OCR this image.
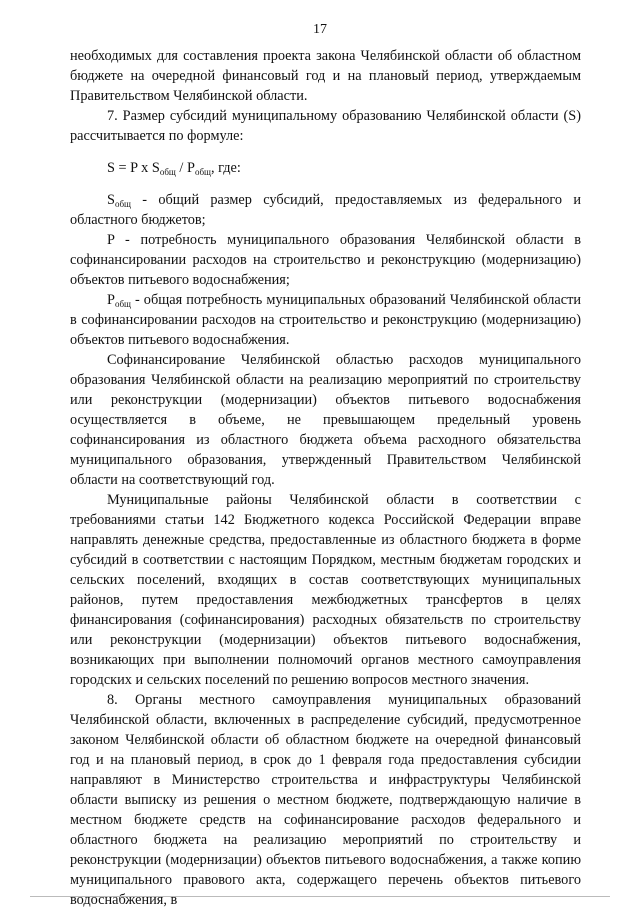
17

необходимых для составления проекта закона Челябинской области об областном бюджете на очередной финансовый год и на плановый период, утверждаемым Правительством Челябинской области.

7. Размер субсидий муниципальному образованию Челябинской области (S) рассчитывается по формуле:

S = P x $S_{общ} / P_{общ}$, где:

$S_{общ}$ - общий размер субсидий, предоставляемых из федерального и областного бюджетов;

P - потребность муниципального образования Челябинской области в софинансировании расходов на строительство и реконструкцию (модернизацию) объектов питьевого водоснабжения;

$P_{общ}$ - общая потребность муниципальных образований Челябинской области в софинансировании расходов на строительство и реконструкцию (модернизацию) объектов питьевого водоснабжения.

Софинансирование Челябинской областью расходов муниципального образования Челябинской области на реализацию мероприятий по строительству или реконструкции (модернизации) объектов питьевого водоснабжения осуществляется в объеме, не превышающем предельный уровень софинансирования из областного бюджета объема расходного обязательства муниципального образования, утвержденный Правительством Челябинской области на соответствующий год.

Муниципальные районы Челябинской области в соответствии с требованиями статьи 142 Бюджетного кодекса Российской Федерации вправе направлять денежные средства, предоставленные из областного бюджета в форме субсидий в соответствии с настоящим Порядком, местным бюджетам городских и сельских поселений, входящих в состав соответствующих муниципальных районов, путем предоставления межбюджетных трансфертов в целях финансирования (софинансирования) расходных обязательств по строительству или реконструкции (модернизации) объектов питьевого водоснабжения, возникающих при выполнении полномочий органов местного самоуправления городских и сельских поселений по решению вопросов местного значения.

8. Органы местного самоуправления муниципальных образований Челябинской области, включенных в распределение субсидий, предусмотренное законом Челябинской области об областном бюджете на очередной финансовый год и на плановый период, в срок до 1 февраля года предоставления субсидии направляют в Министерство строительства и инфраструктуры Челябинской области выписку из решения о местном бюджете, подтверждающую наличие в местном бюджете средств на софинансирование расходов федерального и областного бюджета на реализацию мероприятий по строительству и реконструкции (модернизации) объектов питьевого водоснабжения, а также копию муниципального правового акта, содержащего перечень объектов питьевого водоснабжения, в
